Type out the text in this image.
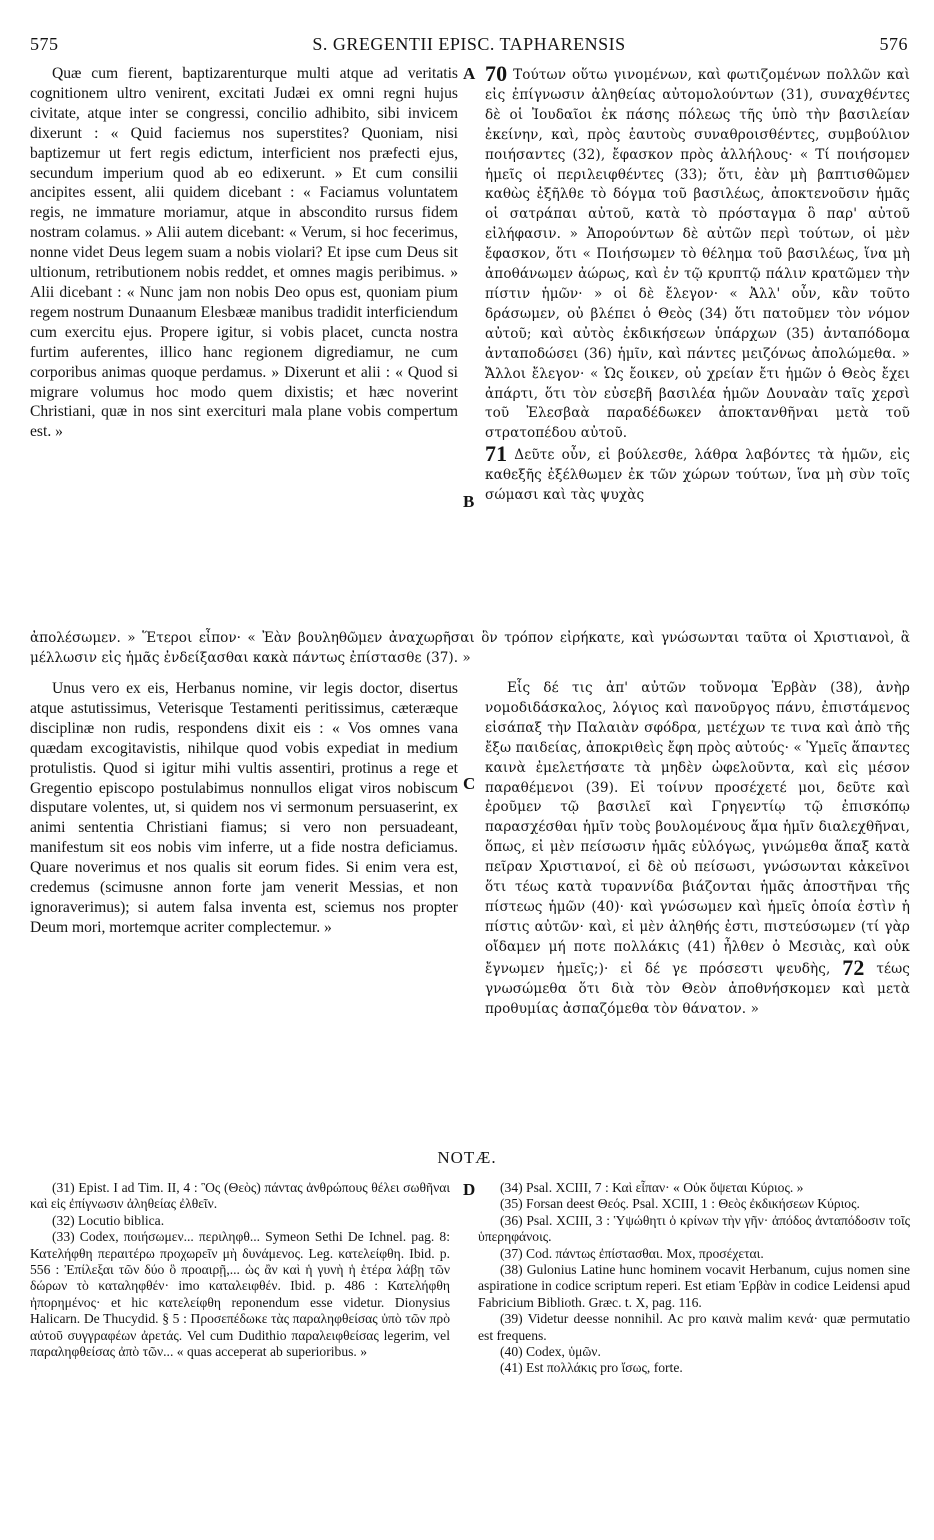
575	S. GREGENTII EPISC. TAPHARENSIS	576
A
B
C

Quæ cum fierent, baptizarenturque multi atque ad veritatis cognitionem ultro venirent, excitati Judæi ex omni regni hujus civitate, atque inter se congressi, concilio adhibito, sibi invicem dixerunt : « Quid faciemus nos superstites? Quoniam, nisi baptizemur ut fert regis edictum, interficient nos præfecti ejus, secundum imperium quod ab eo edixerunt. » Et cum consilii ancipites essent, alii quidem dicebant : « Faciamus voluntatem regis, ne immature moriamur, atque in abscondito rursus fidem nostram colamus. » Alii autem dicebant: « Verum, si hoc fecerimus, nonne videt Deus legem suam a nobis violari? Et ipse cum Deus sit ultionum, retributionem nobis reddet, et omnes magis peribimus. » Alii dicebant : « Nunc jam non nobis Deo opus est, quoniam pium regem nostrum Dunaanum Elesbææ manibus tradidit interficiendum cum exercitu ejus. Propere igitur, si vobis placet, cuncta nostra furtim auferentes, illico hanc regionem digrediamur, ne cum corporibus animas quoque perdamus. » Dixerunt et alii : « Quod si migrare volumus hoc modo quem dixistis; et hæc noverint Christiani, quæ in nos sint exercituri mala plane vobis compertum est. »

70 Τούτων οὕτω γινομένων, καὶ φωτιζομένων πολλῶν καὶ εἰς ἐπίγνωσιν ἀληθείας αὐτομολούντων (31), συναχθέντες δὲ οἱ Ἰουδαῖοι ἐκ πάσης πόλεως τῆς ὑπὸ τὴν βασιλείαν ἐκείνην, καὶ, πρὸς ἑαυτοὺς συναθροισθέντες, συμβούλιον ποιήσαντες (32), ἔφασκον πρὸς ἀλλήλους· « Τί ποιήσομεν ἡμεῖς οἱ περιλειφθέντες (33); ὅτι, ἐὰν μὴ βαπτισθῶμεν καθὼς ἐξῆλθε τὸ δόγμα τοῦ βασιλέως, ἀποκτενοῦσιν ἡμᾶς οἱ σατράπαι αὐτοῦ, κατὰ τὸ πρόσταγμα ὃ παρ' αὐτοῦ εἰλήφασιν. » Ἀπορούντων δὲ αὐτῶν περὶ τούτων, οἱ μὲν ἔφασκον, ὅτι « Ποιήσωμεν τὸ θέλημα τοῦ βασιλέως, ἵνα μὴ ἀποθάνωμεν ἀώρως, καὶ ἐν τῷ κρυπτῷ πάλιν κρατῶμεν τὴν πίστιν ἡμῶν· » οἱ δὲ ἔλεγον· « Ἀλλ' οὖν, κἂν τοῦτο δράσωμεν, οὐ βλέπει ὁ Θεὸς (34) ὅτι πατοῦμεν τὸν νόμον αὐτοῦ; καὶ αὐτὸς ἐκδικήσεων ὑπάρχων (35) ἀνταπόδομα ἀνταποδώσει (36) ἡμῖν, καὶ πάντες μειζόνως ἀπολώμεθα. » Ἄλλοι ἔλεγον· « Ὡς ἔοικεν, οὐ χρείαν ἔτι ἡμῶν ὁ Θεὸς ἔχει ἀπάρτι, ὅτι τὸν εὐσεβῆ βασιλέα ἡμῶν Δουναὰν ταῖς χερσὶ τοῦ Ἐλεσβαὰ παραδέδωκεν ἀποκτανθῆναι μετὰ τοῦ στρατοπέδου αὐτοῦ.

71 Δεῦτε οὖν, εἰ βούλεσθε, λάθρα λαβόντες τὰ ἡμῶν, εἰς καθεξῆς ἐξέλθωμεν ἐκ τῶν χώρων τούτων, ἵνα μὴ σὺν τοῖς σώμασι καὶ τὰς ψυχὰς

ἀπολέσωμεν. » Ἕτεροι εἶπον· « Ἐὰν βουληθῶμεν ἀναχωρῆσαι ὃν τρόπον εἰρήκατε, καὶ γνώσωνται ταῦτα οἱ Χριστιανοὶ, ἃ μέλλωσιν εἰς ἡμᾶς ἐνδείξασθαι κακὰ πάντως ἐπίστασθε (37). »

Unus vero ex eis, Herbanus nomine, vir legis doctor, disertus atque astutissimus, Veterisque Testamenti peritissimus, cæteræque disciplinæ non rudis, respondens dixit eis : « Vos omnes vana quædam excogitavistis, nihilque quod vobis expediat in medium protulistis. Quod si igitur mihi vultis assentiri, protinus a rege et Gregentio episcopo postulabimus nonnullos eligat viros nobiscum disputare volentes, ut, si quidem nos vi sermonum persuaserint, ex animi sententia Christiani fiamus; si vero non persuadeant, manifestum sit eos nobis vim inferre, ut a fide nostra deficiamus. Quare noverimus et nos qualis sit eorum fides. Si enim vera est, credemus (scimusne annon forte jam venerit Messias, et non ignoraverimus); si autem falsa inventa est, sciemus nos propter Deum mori, mortemque acriter complectemur. »

Εἷς δέ τις ἀπ' αὐτῶν τοὔνομα Ἑρβὰν (38), ἀνὴρ νομοδιδάσκαλος, λόγιος καὶ πανοῦργος πάνυ, ἐπιστάμενος εἰσάπαξ τὴν Παλαιὰν σφόδρα, μετέχων τε τινα καὶ ἀπὸ τῆς ἔξω παιδείας, ἀποκριθεὶς ἔφη πρὸς αὐτούς· « Ὑμεῖς ἅπαντες καινὰ ἐμελετήσατε τὰ μηδὲν ὠφελοῦντα, καὶ εἰς μέσον παραθέμενοι (39). Εἰ τοίνυν προσέχετέ μοι, δεῦτε καὶ ἐροῦμεν τῷ βασιλεῖ καὶ Γρηγεντίῳ τῷ ἐπισκόπῳ παρασχέσθαι ἡμῖν τοὺς βουλομένους ἅμα ἡμῖν διαλεχθῆναι, ὅπως, εἰ μὲν πείσωσιν ἡμᾶς εὐλόγως, γινώμεθα ἅπαξ κατὰ πεῖραν Χριστιανοί, εἰ δὲ οὐ πείσωσι, γνώσωνται κἀκεῖνοι ὅτι τέως κατὰ τυραννίδα βιάζονται ἡμᾶς ἀποστῆναι τῆς πίστεως ἡμῶν (40)· καὶ γνώσωμεν καὶ ἡμεῖς ὁποία ἐστὶν ἡ πίστις αὐτῶν· καὶ, εἰ μὲν ἀληθής ἐστι, πιστεύσωμεν (τί γὰρ οἴδαμεν μή ποτε πολλάκις (41) ἦλθεν ὁ Μεσιὰς, καὶ οὐκ ἔγνωμεν ἡμεῖς;)· εἰ δέ γε πρόσεστι ψευδὴς, 72 τέως γνωσώμεθα ὅτι διὰ τὸν Θεὸν ἀποθνήσκομεν καὶ μετὰ προθυμίας ἀσπαζόμεθα τὸν θάνατον. »

NOTÆ.
D

(31) Epist. I ad Tim. II, 4 : Ὃς (Θεὸς) πάντας ἀνθρώπους θέλει σωθῆναι καὶ εἰς ἐπίγνωσιν ἀληθείας ἐλθεῖν.

(32) Locutio biblica.

(33) Codex, ποιήσωμεν... περιληφθ... Symeon Sethi De Ichnel. pag. 8: Κατελήφθη περαιτέρω προχωρεῖν μὴ δυνάμενος. Leg. κατελείφθη. Ibid. p. 556 : Ἐπίλεξαι τῶν δύο ὃ προαιρῇ,... ὡς ἂν καὶ ἡ γυνὴ ἡ ἑτέρα λάβῃ τῶν δώρων τὸ καταληφθέν· imo καταλειφθέν. Ibid. p. 486 : Κατελήφθη ἠπορημένος· et hic κατελείφθη reponendum esse videtur. Dionysius Halicarn. De Thucydid. § 5 : Προσεπέδωκε τὰς παραληφθείσας ὑπὸ τῶν πρὸ αὐτοῦ συγγραφέων ἀρετάς. Vel cum Dudithio παραλειφθείσας legerim, vel παραληφθείσας ἀπὸ τῶν... « quas acceperat ab superioribus. »

(34) Psal. XCIII, 7 : Καὶ εἶπαν· « Οὐκ ὄψεται Κύριος. »

(35) Forsan deest Θεός. Psal. XCIII, 1 : Θεὸς ἐκδικήσεων Κύριος.

(36) Psal. XCIII, 3 : Ὑψώθητι ὁ κρίνων τὴν γῆν· ἀπόδος ἀνταπόδοσιν τοῖς ὑπερηφάνοις.

(37) Cod. πάντως ἐπίστασθαι. Mox, προσέχεται.

(38) Gulonius Latine hunc hominem vocavit Herbanum, cujus nomen sine aspiratione in codice scriptum reperi. Est etiam Ἑρβὰν in codice Leidensi apud Fabricium Biblioth. Græc. t. X, pag. 116.

(39) Videtur deesse nonnihil. Ac pro καινὰ malim κενά· quæ permutatio est frequens.

(40) Codex, ὑμῶν.

(41) Est πολλάκις pro ἴσως, forte.
